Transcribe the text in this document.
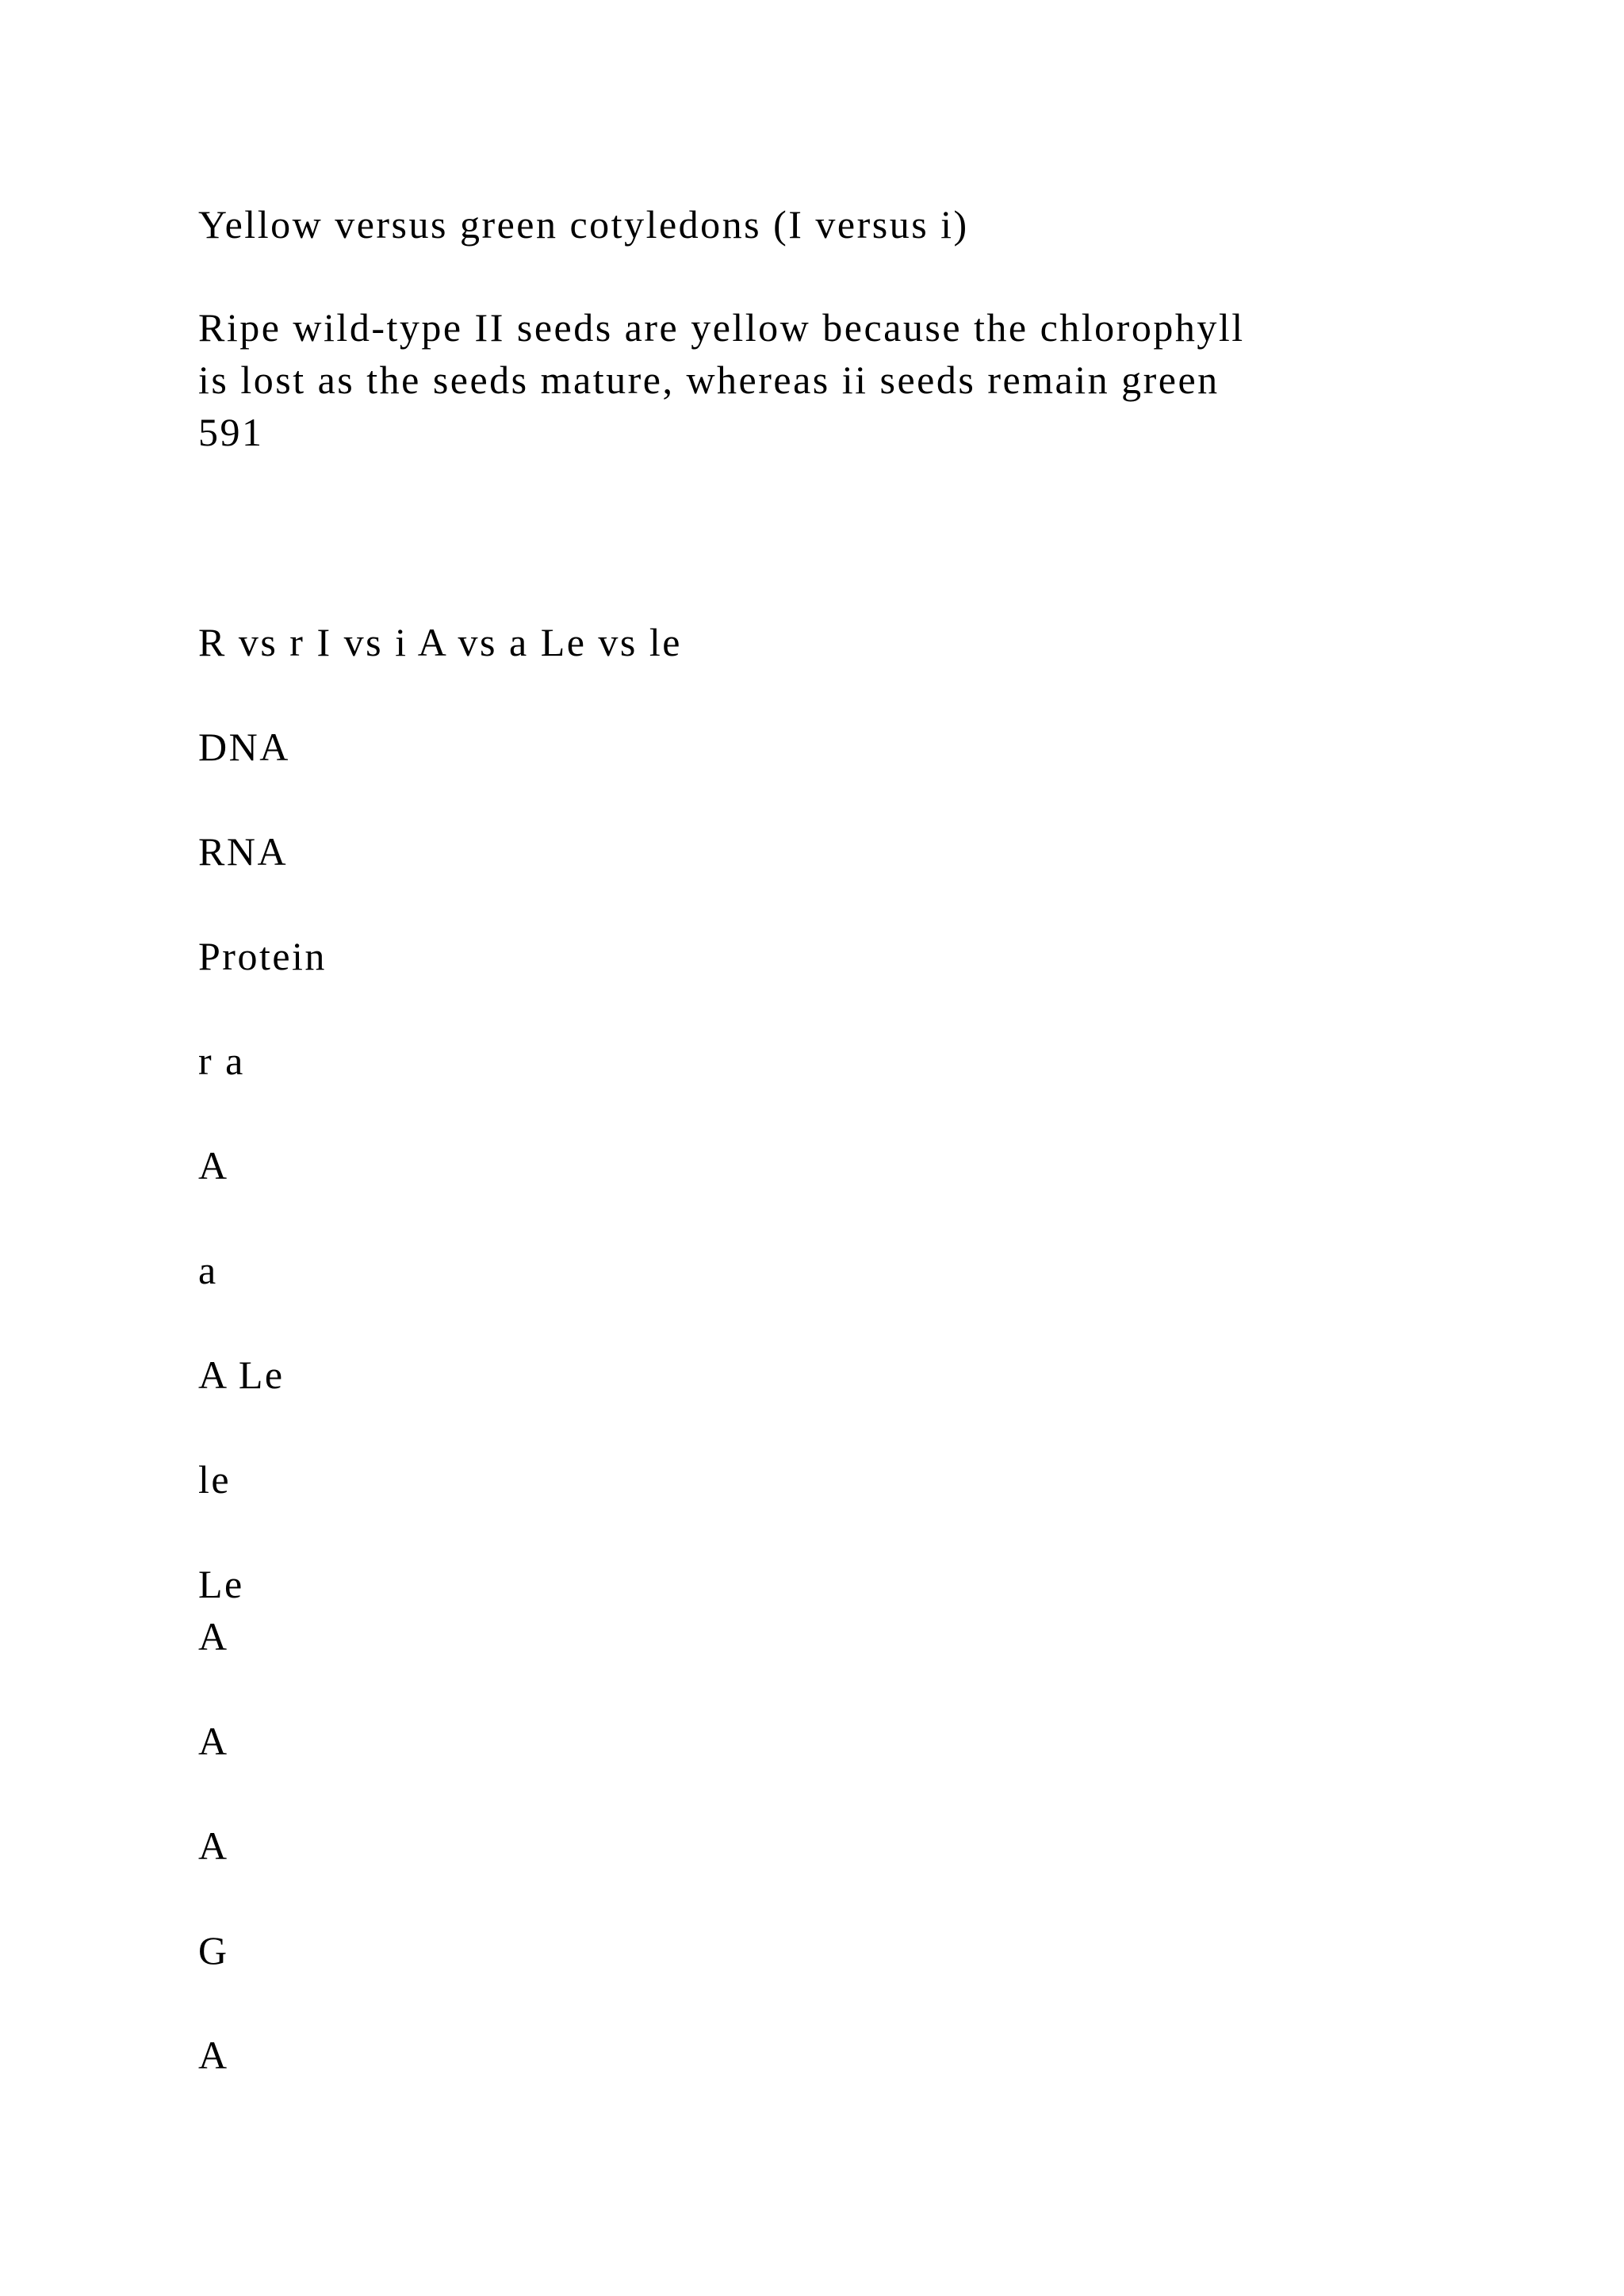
Yellow versus green cotyledons (I versus i)
Ripe wild-type II seeds are yellow because the chlorophyll
is lost as the seeds mature, whereas ii seeds remain green
591
R vs r I vs i A vs a Le vs le
DNA
RNA
Protein
r a
A
a
A Le
le
Le
A
A
A
G
A
